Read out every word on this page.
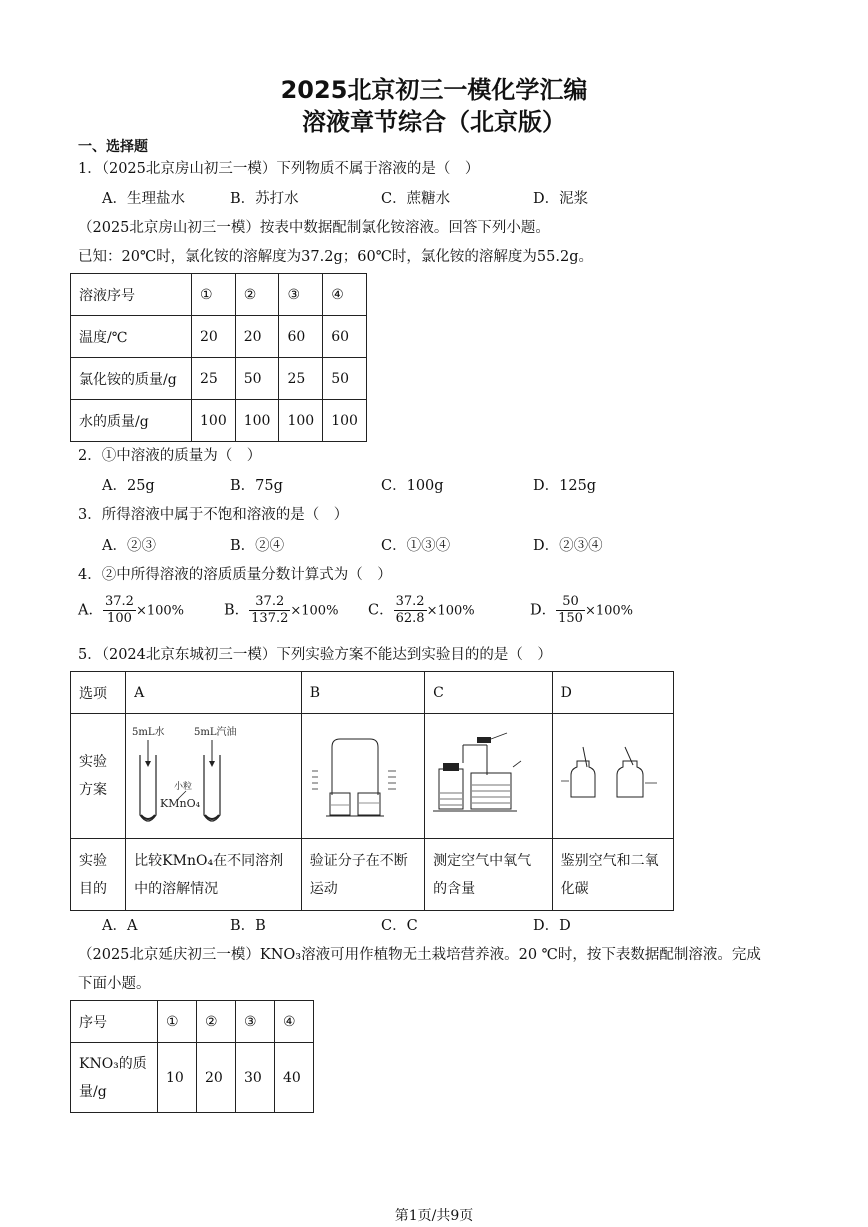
2025北京初三一模化学汇编
溶液章节综合（北京版）
一、选择题
1．（2025北京房山初三一模）下列物质不属于溶液的是（　）
A．生理盐水	B．苏打水	C．蔗糖水	D．泥浆
（2025北京房山初三一模）按表中数据配制氯化铵溶液。回答下列小题。
已知：20℃时，氯化铵的溶解度为37.2g；60℃时，氯化铵的溶解度为55.2g。
溶液序号	①	②	③	④
温度/℃	20	20	60	60
氯化铵的质量/g	25	50	25	50
水的质量/g	100	100	100	100
2．①中溶液的质量为（　）
A．25g	B．75g	C．100g	D．125g
3．所得溶液中属于不饱和溶液的是（　）
A．②③	B．②④	C．①③④	D．②③④
4．②中所得溶液的溶质质量分数计算式为（　）
A． $\frac{37.2}{100} \times 100\%$	B． $\frac{37.2}{137.2} \times 100\%$ C． $\frac{37.2}{62.8} \times 100\%$	D． $\frac{50}{150} \times 100\%$
5．（2024北京东城初三一模）下列实验方案不能达到实验目的的是（　）
选项	A	B	C	D
实验方案	5mL水 5mL汽油
小粒
KMnO₄

实验目的	比较KMnO₄在不同溶剂中的溶解情况	验证分子在不断运动	测定空气中氧气的含量	鉴别空气和二氧化碳
A．A	B．B	C．C	D．D
（2025北京延庆初三一模）KNO₃溶液可用作植物无土栽培营养液。20 ℃时，按下表数据配制溶液。完成
下面小题。
序号	①	②	③	④
KNO₃的质量/g	10	20	30	40
第1页/共9页
